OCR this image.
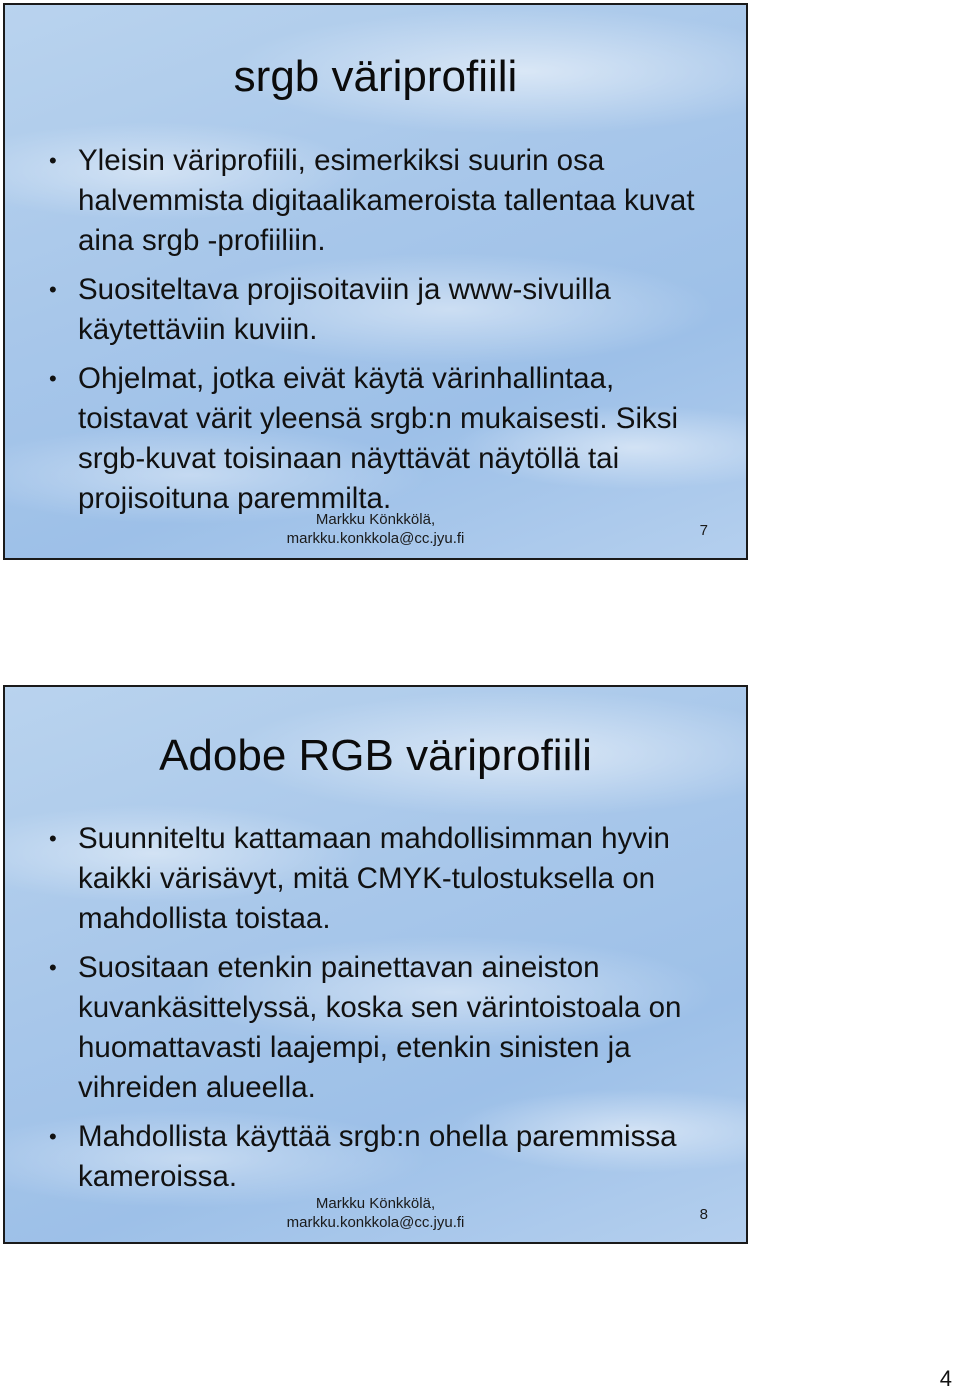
srgb väriprofiili
• Yleisin väriprofiili, esimerkiksi suurin osa halvemmista digitaalikameroista tallentaa kuvat aina srgb -profiiliin.
• Suositeltava projisoitaviin ja www-sivuilla käytettäviin kuviin.
• Ohjelmat, jotka eivät käytä värinhallintaa, toistavat värit yleensä srgb:n mukaisesti. Siksi srgb-kuvat toisinaan näyttävät näytöllä tai projisoituna paremmilta.
Markku Könkkölä,
markku.konkkola@cc.jyu.fi	7
Adobe RGB väriprofiili
• Suunniteltu kattamaan mahdollisimman hyvin kaikki värisävyt, mitä CMYK-tulostuksella on mahdollista toistaa.
• Suositaan etenkin painettavan aineiston kuvankäsittelyssä, koska sen värintoistoala on huomattavasti laajempi, etenkin sinisten ja vihreiden alueella.
• Mahdollista käyttää srgb:n ohella paremmissa kameroissa.
Markku Könkkölä,
markku.konkkola@cc.jyu.fi	8
4
